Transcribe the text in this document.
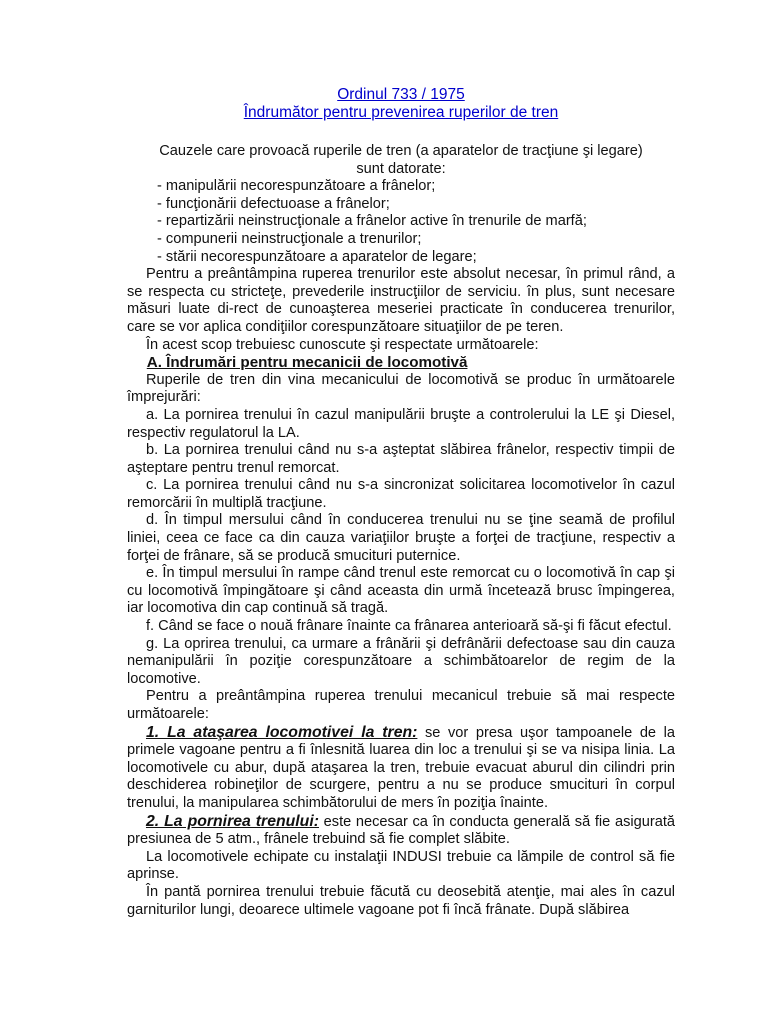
Ordinul 733 / 1975
Îndrumător pentru prevenirea ruperilor de tren
Cauzele care provoacă ruperile de tren (a aparatelor de tracţiune şi legare) sunt datorate:
- manipulării necorespunzătoare a frânelor;
- funcţionării defectuoase a frânelor;
- repartizării neinstrucţionale a frânelor active în trenurile de marfă;
- compunerii neinstrucţionale a trenurilor;
- stării necorespunzătoare a aparatelor de legare;

Pentru a preântâmpina ruperea trenurilor este absolut necesar, în primul rând, a se respecta cu stricteţe, prevederile instrucţiilor de serviciu. în plus, sunt necesare măsuri luate di-rect de cunoaşterea meseriei practicate în conducerea trenurilor, care se vor aplica condiţiilor corespunzătoare situaţiilor de pe teren.

În acest scop trebuiesc cunoscute şi respectate următoarele:

A. Îndrumări pentru mecanicii de locomotivă

Ruperile de tren din vina mecanicului de locomotivă se produc în următoarele împrejurări:

a. La pornirea trenului în cazul manipulării bruşte a controlerului la LE şi Diesel, respectiv regulatorul la LA.

b. La pornirea trenului când nu s-a aşteptat slăbirea frânelor, respectiv timpii de aşteptare pentru trenul remorcat.

c. La pornirea trenului când nu s-a sincronizat solicitarea locomotivelor în cazul remorcării în multiplă tracţiune.

d. În timpul mersului când în conducerea trenului nu se ţine seamă de profilul liniei, ceea ce face ca din cauza variaţiilor bruşte a forţei de tracţiune, respectiv a forţei de frânare, să se producă smucituri puternice.

e. În timpul mersului în rampe când trenul este remorcat cu o locomotivă în cap şi cu locomotivă împingătoare şi când aceasta din urmă încetează brusc împingerea, iar locomotiva din cap continuă să tragă.

f. Când se face o nouă frânare înainte ca frânarea anterioară să-şi fi făcut efectul.

g. La oprirea trenului, ca urmare a frânării şi defrânării defectoase sau din cauza nemanipulării în poziţie corespunzătoare a schimbătoarelor de regim de la locomotive.

Pentru a preântâmpina ruperea trenului mecanicul trebuie să mai respecte următoarele:

1. La ataşarea locomotivei la tren: se vor presa uşor tampoanele de la primele vagoane pentru a fi înlesnită luarea din loc a trenului şi se va nisipa linia. La locomotivele cu abur, după ataşarea la tren, trebuie evacuat aburul din cilindri prin deschiderea robineţilor de scurgere, pentru a nu se produce smucituri în corpul trenului, la manipularea schimbătorului de mers în poziţia înainte.

2. La pornirea trenului: este necesar ca în conducta generală să fie asigurată presiunea de 5 atm., frânele trebuind să fie complet slăbite.

La locomotivele echipate cu instalaţii INDUSI trebuie ca lămpile de control să fie aprinse.

În pantă pornirea trenului trebuie făcută cu deosebită atenţie, mai ales în cazul garniturilor lungi, deoarece ultimele vagoane pot fi încă frânate. După slăbirea
